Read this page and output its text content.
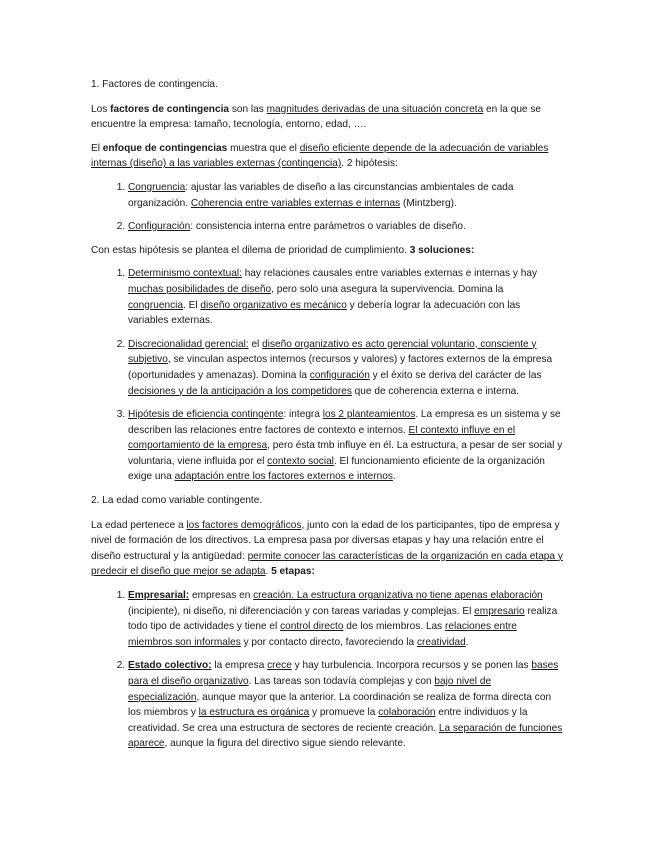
1. Factores de contingencia.

Los factores de contingencia son las magnitudes derivadas de una situación concreta en la que se encuentre la empresa: tamaño, tecnología, entorno, edad, ….

El enfoque de contingencias muestra que el diseño eficiente depende de la adecuación de variables internas (diseño) a las variables externas (contingencia). 2 hipótesis:

1. Congruencia: ajustar las variables de diseño a las circunstancias ambientales de cada organización. Coherencia entre variables externas e internas (Mintzberg).
2. Configuración: consistencia interna entre parámetros o variables de diseño.

Con estas hipótesis se plantea el dilema de prioridad de cumplimiento. 3 soluciones:

1. Determinismo contextual: hay relaciones causales entre variables externas e internas y hay muchas posibilidades de diseño, pero solo una asegura la supervivencia. Domina la congruencia. El diseño organizativo es mecánico y debería lograr la adecuación con las variables externas.
2. Discrecionalidad gerencial: el diseño organizativo es acto gerencial voluntario, consciente y subjetivo, se vinculan aspectos internos (recursos y valores) y factores externos de la empresa (oportunidades y amenazas). Domina la configuración y el éxito se deriva del carácter de las decisiones y de la anticipación a los competidores que de coherencia externa e interna.
3. Hipótesis de eficiencia contingente: integra los 2 planteamientos. La empresa es un sistema y se describen las relaciones entre factores de contexto e internos. El contexto influye en el comportamiento de la empresa, pero ésta tmb influye en él. La estructura, a pesar de ser social y voluntaria, viene influida por el contexto social. El funcionamiento eficiente de la organización exige una adaptación entre los factores externos e internos.

2. La edad como variable contingente.

La edad pertenece a los factores demográficos, junto con la edad de los participantes, tipo de empresa y nivel de formación de los directivos. La empresa pasa por diversas etapas y hay una relación entre el diseño estructural y la antigüedad: permite conocer las características de la organización en cada etapa y predecir el diseño que mejor se adapta. 5 etapas:

1. Empresarial: empresas en creación. La estructura organizativa no tiene apenas elaboración (incipiente), ni diseño, ni diferenciación y con tareas variadas y complejas. El empresario realiza todo tipo de actividades y tiene el control directo de los miembros. Las relaciones entre miembros son informales y por contacto directo, favoreciendo la creatividad.
2. Estado colectivo: la empresa crece y hay turbulencia. Incorpora recursos y se ponen las bases para el diseño organizativo. Las tareas son todavía complejas y con bajo nivel de especialización, aunque mayor que la anterior. La coordinación se realiza de forma directa con los miembros y la estructura es orgánica y promueve la colaboración entre individuos y la creatividad. Se crea una estructura de sectores de reciente creación. La separación de funciones aparece, aunque la figura del directivo sigue siendo relevante.
